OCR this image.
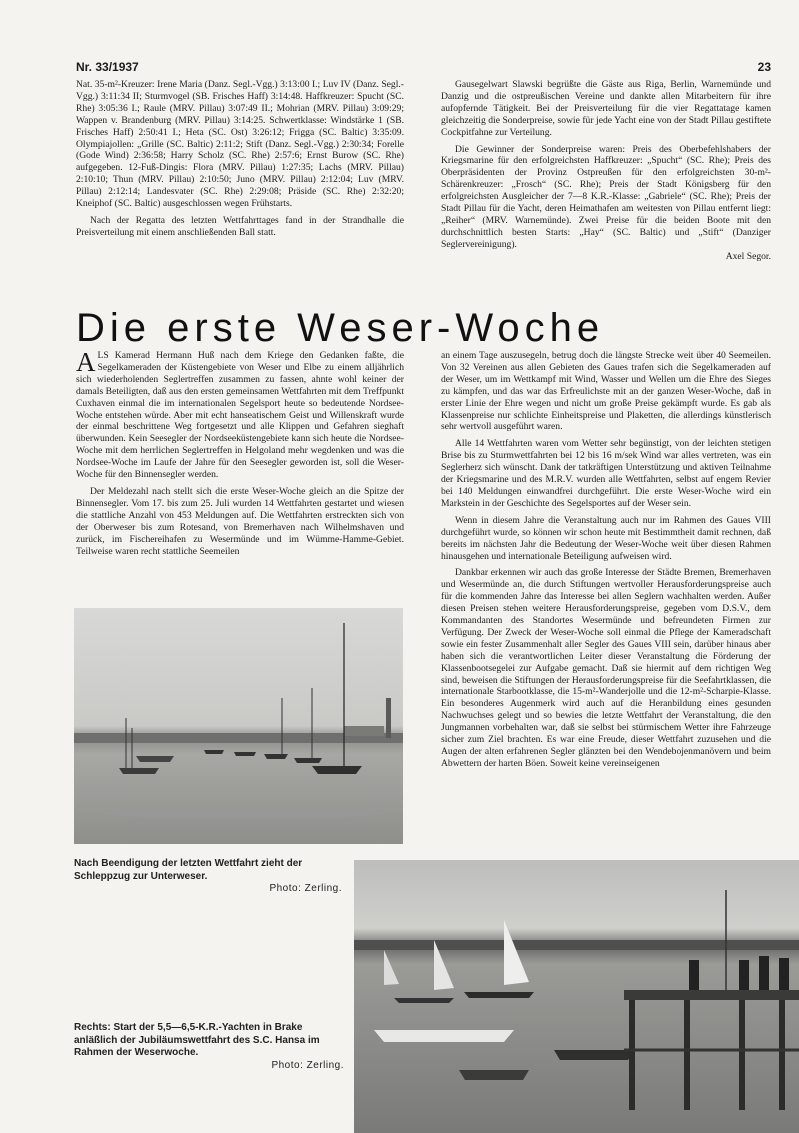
Nr. 33/1937	23

Nat. 35-m²-Kreuzer: Irene Maria (Danz. Segl.-Vgg.) 3:13:00 I.; Luv IV (Danz. Segl.-Vgg.) 3:11:34 II; Sturmvogel (SB. Frisches Haff) 3:14:48. Haffkreuzer: Spucht (SC. Rhe) 3:05:36 I.; Raule (MRV. Pillau) 3:07:49 II.; Mohrian (MRV. Pillau) 3:09:29; Wappen v. Brandenburg (MRV. Pillau) 3:14:25. Schwertklasse: Windstärke 1 (SB. Frisches Haff) 2:50:41 I.; Heta (SC. Ost) 3:26:12; Frigga (SC. Baltic) 3:35:09. Olympiajollen: „Grille (SC. Baltic) 2:11:2; Stift (Danz. Segl.-Vgg.) 2:30:34; Forelle (Gode Wind) 2:36:58; Harry Scholz (SC. Rhe) 2:57:6; Ernst Burow (SC. Rhe) aufgegeben. 12-Fuß-Dingis: Flora (MRV. Pillau) 1:27:35; Lachs (MRV. Pillau) 2:10:10; Thun (MRV. Pillau) 2:10:50; Juno (MRV. Pillau) 2:12:04; Luv (MRV. Pillau) 2:12:14; Landesvater (SC. Rhe) 2:29:08; Präside (SC. Rhe) 2:32:20; Kneiphof (SC. Baltic) ausgeschlossen wegen Frühstarts.

Nach der Regatta des letzten Wettfahrttages fand in der Strandhalle die Preisverteilung mit einem anschließenden Ball statt.

Gausegelwart Slawski begrüßte die Gäste aus Riga, Berlin, Warnemünde und Danzig und die ostpreußischen Vereine und dankte allen Mitarbeitern für ihre aufopfernde Tätigkeit. Bei der Preisverteilung für die vier Regattatage kamen gleichzeitig die Sonderpreise, sowie für jede Yacht eine von der Stadt Pillau gestiftete Cockpitfahne zur Verteilung.

Die Gewinner der Sonderpreise waren: Preis des Oberbefehlshabers der Kriegsmarine für den erfolgreichsten Haffkreuzer: „Spucht“ (SC. Rhe); Preis des Oberpräsidenten der Provinz Ostpreußen für den erfolgreichsten 30-m²-Schärenkreuzer: „Frosch“ (SC. Rhe); Preis der Stadt Königsberg für den erfolgreichsten Ausgleicher der 7—8 K.R.-Klasse: „Gabriele“ (SC. Rhe); Preis der Stadt Pillau für die Yacht, deren Heimathafen am weitesten von Pillau entfernt liegt: „Reiher“ (MRV. Warnemünde). Zwei Preise für die beiden Boote mit den durchschnittlich besten Starts: „Hay“ (SC. Baltic) und „Stift“ (Danziger Seglervereinigung).

Axel Segor.

Die erste Weser-Woche

ALS Kamerad Hermann Huß nach dem Kriege den Gedanken faßte, die Segelkameraden der Küstengebiete von Weser und Elbe zu einem alljährlich sich wiederholenden Seglertreffen zusammen zu fassen, ahnte wohl keiner der damals Beteiligten, daß aus den ersten gemeinsamen Wettfahrten mit dem Treffpunkt Cuxhaven einmal die im internationalen Segelsport heute so bedeutende Nordsee-Woche entstehen würde. Aber mit echt hanseatischem Geist und Willenskraft wurde der einmal beschrittene Weg fortgesetzt und alle Klippen und Gefahren sieghaft überwunden. Kein Seesegler der Nordseeküstengebiete kann sich heute die Nordsee-Woche mit dem herrlichen Seglertreffen in Helgoland mehr wegdenken und was die Nordsee-Woche im Laufe der Jahre für den Seesegler geworden ist, soll die Weser-Woche für den Binnensegler werden.

Der Meldezahl nach stellt sich die erste Weser-Woche gleich an die Spitze der Binnensegler. Vom 17. bis zum 25. Juli wurden 14 Wettfahrten gestartet und wiesen die stattliche Anzahl von 453 Meldungen auf. Die Wettfahrten erstreckten sich von der Oberweser bis zum Rotesand, von Bremerhaven nach Wilhelmshaven und zurück, im Fischereihafen zu Wesermünde und im Wümme-Hamme-Gebiet. Teilweise waren recht stattliche Seemeilen

an einem Tage auszusegeln, betrug doch die längste Strecke weit über 40 Seemeilen. Von 32 Vereinen aus allen Gebieten des Gaues trafen sich die Segelkameraden auf der Weser, um im Wettkampf mit Wind, Wasser und Wellen um die Ehre des Sieges zu kämpfen, und das war das Erfreulichste mit an der ganzen Weser-Woche, daß in erster Linie der Ehre wegen und nicht um große Preise gekämpft wurde. Es gab als Klassenpreise nur schlichte Einheitspreise und Plaketten, die allerdings künstlerisch sehr wertvoll ausgeführt waren.

Alle 14 Wettfahrten waren vom Wetter sehr begünstigt, von der leichten stetigen Brise bis zu Sturmwettfahrten bei 12 bis 16 m/sek Wind war alles vertreten, was ein Seglerherz sich wünscht. Dank der tatkräftigen Unterstützung und aktiven Teilnahme der Kriegsmarine und des M.R.V. wurden alle Wettfahrten, selbst auf engem Revier bei 140 Meldungen einwandfrei durchgeführt. Die erste Weser-Woche wird ein Markstein in der Geschichte des Segelsportes auf der Weser sein.

Wenn in diesem Jahre die Veranstaltung auch nur im Rahmen des Gaues VIII durchgeführt wurde, so können wir schon heute mit Bestimmtheit damit rechnen, daß bereits im nächsten Jahr die Bedeutung der Weser-Woche weit über diesen Rahmen hinausgehen und internationale Beteiligung aufweisen wird.

Dankbar erkennen wir auch das große Interesse der Städte Bremen, Bremerhaven und Wesermünde an, die durch Stiftungen wertvoller Herausforderungspreise auch für die kommenden Jahre das Interesse bei allen Seglern wachhalten werden. Außer diesen Preisen stehen weitere Herausforderungspreise, gegeben vom D.S.V., dem Kommandanten des Standortes Wesermünde und befreundeten Firmen zur Verfügung. Der Zweck der Weser-Woche soll einmal die Pflege der Kameradschaft sowie ein fester Zusammenhalt aller Segler des Gaues VIII sein, darüber hinaus aber haben sich die verantwortlichen Leiter dieser Veranstaltung die Förderung der Klassenbootsegelei zur Aufgabe gemacht. Daß sie hiermit auf dem richtigen Weg sind, beweisen die Stiftungen der Herausforderungspreise für die Seefahrtklassen, die internationale Starbootklasse, die 15-m²-Wanderjolle und die 12-m²-Scharpie-Klasse. Ein besonderes Augenmerk wird auch auf die Heranbildung eines gesunden Nachwuchses gelegt und so bewies die letzte Wettfahrt der Veranstaltung, die den Jungmannen vorbehalten war, daß sie selbst bei stürmischem Wetter ihre Fahrzeuge sicher zum Ziel brachten. Es war eine Freude, dieser Wettfahrt zuzusehen und die Augen der alten erfahrenen Segler glänzten bei den Wendebojenmanövern und beim Abwettern der harten Böen. Soweit keine vereinseigenen

Nach Beendigung der letzten Wettfahrt zieht der Schleppzug zur Unterweser.
Photo: Zerling.
Rechts: Start der 5,5—6,5-K.R.-Yachten in Brake anläßlich der Jubiläumswettfahrt des S.C. Hansa im Rahmen der Weserwoche.
Photo: Zerling.
